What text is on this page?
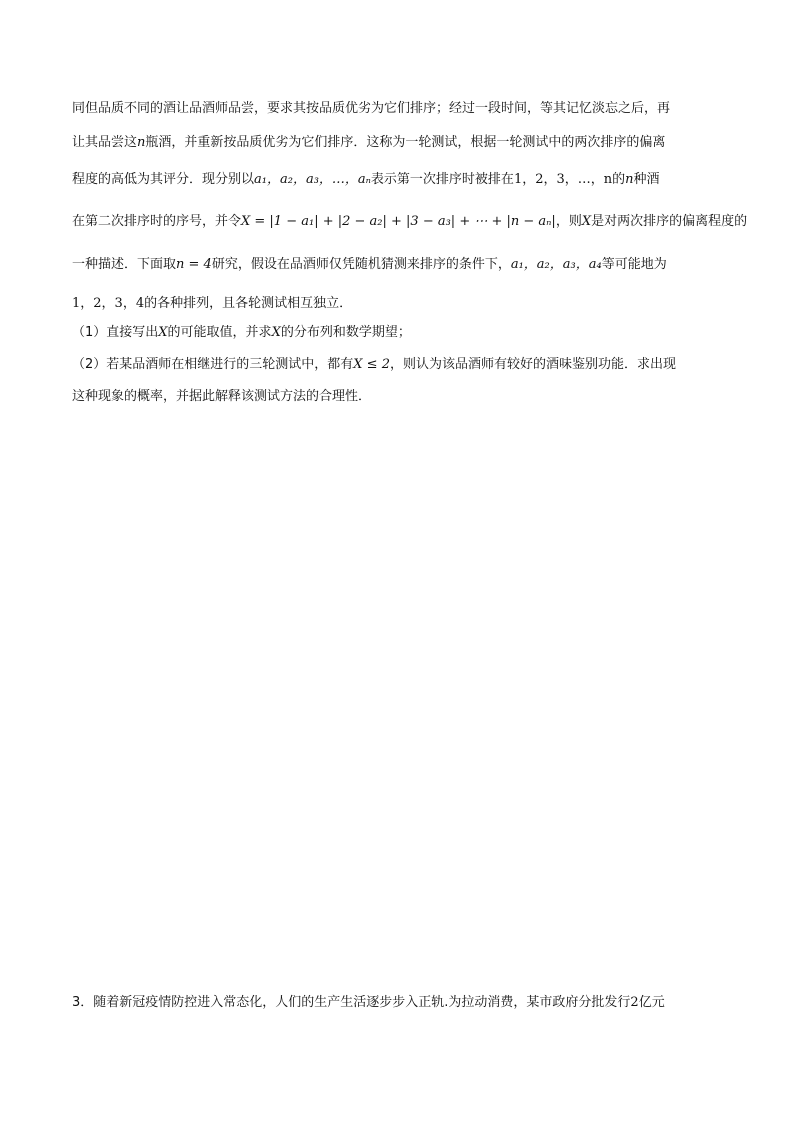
同但品质不同的酒让品酒师品尝，要求其按品质优劣为它们排序；经过一段时间，等其记忆淡忘之后，再
让其品尝这n瓶酒，并重新按品质优劣为它们排序．这称为一轮测试，根据一轮测试中的两次排序的偏离
程度的高低为其评分．现分别以a₁，a₂，a₃，…，aₙ表示第一次排序时被排在1，2，3，…，n的n种酒
在第二次排序时的序号，并令X = |1 − a₁| + |2 − a₂| + |3 − a₃| + ⋯ + |n − aₙ|，则X是对两次排序的偏离程度的
一种描述．下面取n = 4研究，假设在品酒师仅凭随机猜测来排序的条件下，a₁，a₂，a₃，a₄等可能地为
1，2，3，4的各种排列，且各轮测试相互独立．
（1）直接写出X的可能取值，并求X的分布列和数学期望；
（2）若某品酒师在相继进行的三轮测试中，都有X ≤ 2，则认为该品酒师有较好的酒味鉴别功能．求出现
这种现象的概率，并据此解释该测试方法的合理性．
3．随着新冠疫情防控进入常态化，人们的生产生活逐步步入正轨.为拉动消费，某市政府分批发行2亿元
